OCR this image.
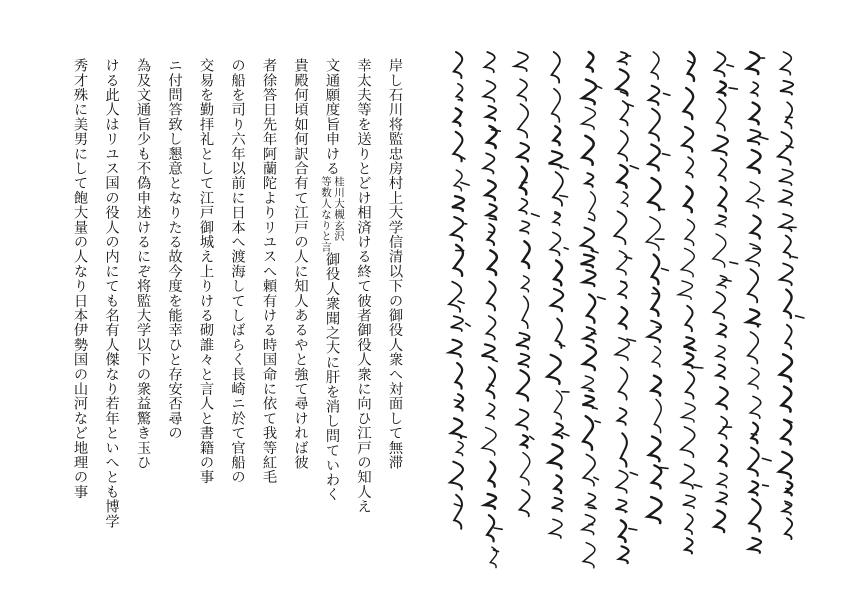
岸し石川将監忠房村上大学信清以下の御役人衆へ対面して無滞
幸太夫等を送りとどけ相済ける終て彼者御役人衆に向ひ江戸の知人え
文通願度旨申ける桂川大槻玄沢
等数人なりと言御役人衆聞之大に肝を消し問ていわく
貴殿何頃如何訳合有て江戸の人に知人あるやと強て尋ければ彼
者徐答日先年阿蘭陀よりリユスへ頼有ける時国命に依て我等紅毛
の船を司り六年以前に日本へ渡海してしばらく長崎ニ於て官船の
交易を勤拝礼として江戸御城え上りける砌誰々と言人と書籍の事
ニ付問答致し懇意となりたる故今度を能幸ひと存安否尋の
為及文通旨少も不偽申述けるにぞ将監大学以下の衆益驚き玉ひ
ける此人はリユス国の役人の内にても名有人傑なり若年といへとも博学
秀才殊に美男にして飽大量の人なり日本伊勢国の山河など地理の事
